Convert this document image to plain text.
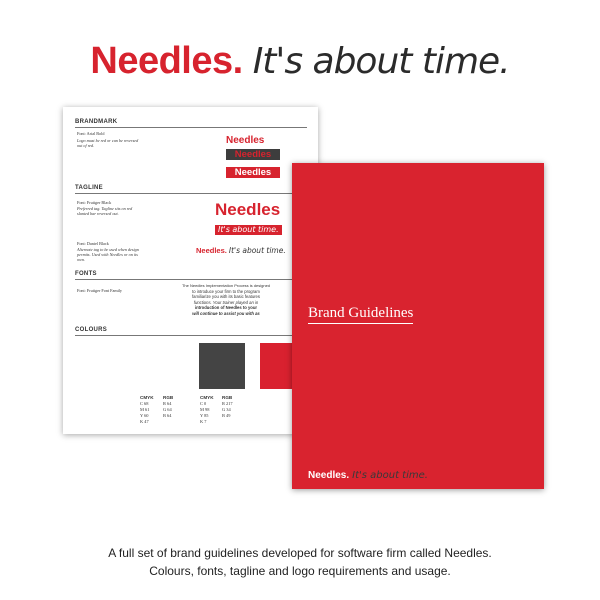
Needles. It's about time.
BRANDMARK
Font: Arial Bold
Logo must be red or can be reversed out of red.	Needles
Needles
Needles
TAGLINE
Font: Frutiger Black
Preferred tag. Tagline sits on red slanted bar reversed out.	Needles
It's about time.
Font: Daniel Black
Alternate tag to be used when design permits. Used with Needles or on its own.
Needles. It's about time.
FONTS
Font: Frutiger Font Family
The Needles Implementation Process is designed
to introduce your firm to the program
familiarize you with its basic features
functions. Your trainer played an in
introduction of Needles to your
will continue to assist you with as
COLOURS
CMYK
C 68
M 61
Y 60
K 47
RGB
R 64
G 64
B 64
CMYK
C 0
M 98
Y 85
K 7
RGB
R 217
G 34
B 49
Brand Guidelines
Needles. It's about time.
A full set of brand guidelines developed for software firm called Needles.
Colours, fonts, tagline and logo requirements and usage.
